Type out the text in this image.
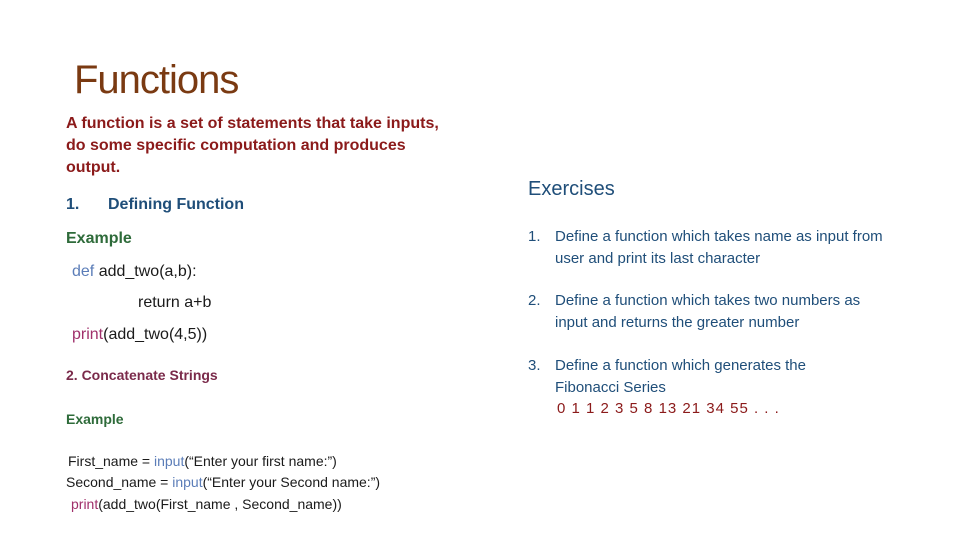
Functions
A function is a set of statements that take inputs, do some specific computation and produces output.
1. Defining Function
Example
def add_two(a,b):
return a+b
print(add_two(4,5))
2. Concatenate Strings
Example
First_name = input(“Enter your first name:”)
Second_name = input(“Enter your Second name:”)
print(add_two(First_name , Second_name))
Exercises
1. Define a function which takes name as input from user and print its last character
2. Define a function which takes two numbers as input and returns the greater number
3. Define a function which generates the Fibonacci Series
0 1 1 2 3 5 8 13 21 34 55 . . .
